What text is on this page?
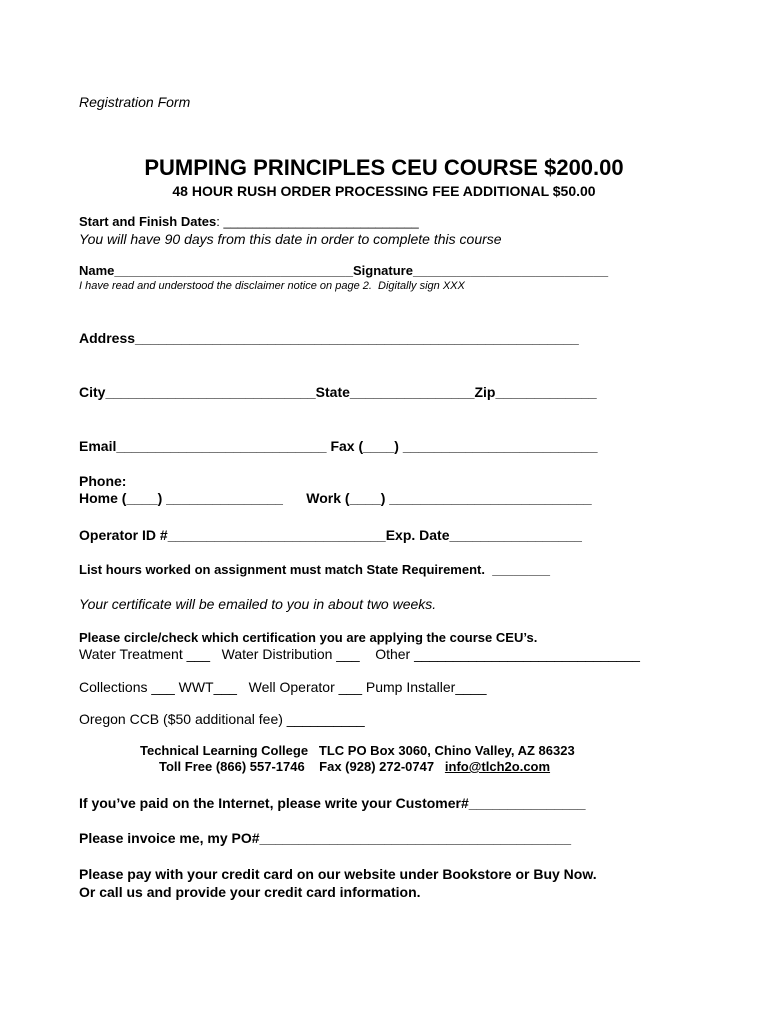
Registration Form
PUMPING PRINCIPLES CEU COURSE $200.00
48 HOUR RUSH ORDER PROCESSING FEE ADDITIONAL $50.00
Start and Finish Dates: ___________________________
You will have 90 days from this date in order to complete this course
Name_________________________________Signature___________________________
I have read and understood the disclaimer notice on page 2.  Digitally sign XXX
Address_________________________________________________________
City___________________________State________________Zip_____________
Email___________________________ Fax (____) _________________________
Phone:
Home (____) _______________      Work (____) __________________________
Operator ID #____________________________Exp. Date_________________
List hours worked on assignment must match State Requirement.  ________
Your certificate will be emailed to you in about two weeks.
Please circle/check which certification you are applying the course CEU’s.
Water Treatment ___   Water Distribution ___    Other _____________________________
Collections ___ WWT___   Well Operator ___ Pump Installer____
Oregon CCB ($50 additional fee) __________
Technical Learning College   TLC PO Box 3060, Chino Valley, AZ 86323
Toll Free (866) 557-1746    Fax (928) 272-0747   info@tlch2o.com
If you’ve paid on the Internet, please write your Customer#_______________
Please invoice me, my PO#________________________________________
Please pay with your credit card on our website under Bookstore or Buy Now.
Or call us and provide your credit card information.
